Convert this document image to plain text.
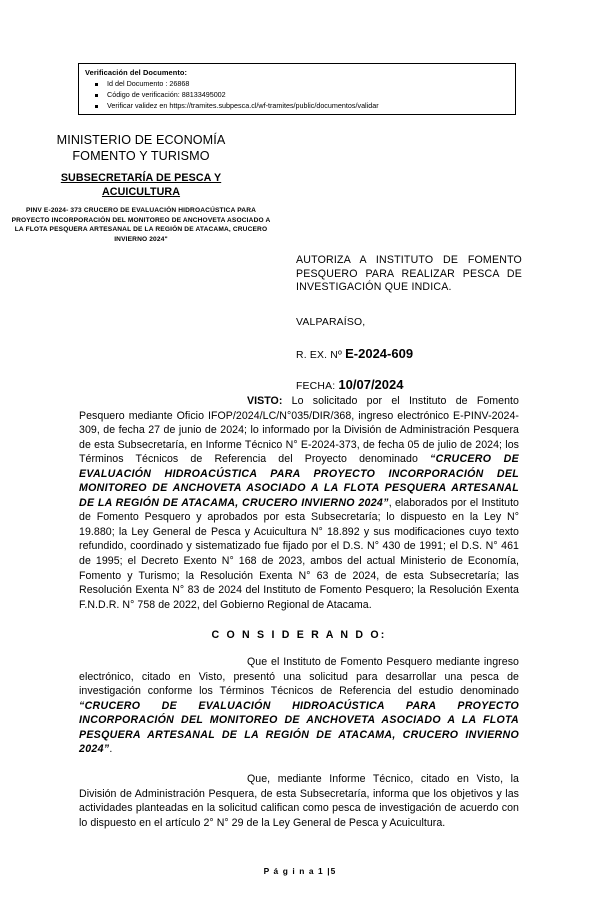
Verificación del Documento:
Id del Documento : 26868
Código de verificación: 88133495002
Verificar validez en https://tramites.subpesca.cl/wf-tramites/public/documentos/validar
MINISTERIO DE ECONOMÍA
FOMENTO Y TURISMO
SUBSECRETARÍA DE PESCA Y
ACUICULTURA
PINV E-2024- 373 CRUCERO DE EVALUACIÓN HIDROACÚSTICA PARA PROYECTO INCORPORACIÓN DEL MONITOREO DE ANCHOVETA ASOCIADO A LA FLOTA PESQUERA ARTESANAL DE LA REGIÓN DE ATACAMA, CRUCERO INVIERNO 2024"
AUTORIZA A INSTITUTO DE FOMENTO PESQUERO PARA REALIZAR PESCA DE INVESTIGACIÓN QUE INDICA.
VALPARAÍSO,
R. EX. Nº E-2024-609
FECHA: 10/07/2024

VISTO: Lo solicitado por el Instituto de Fomento Pesquero mediante Oficio IFOP/2024/LC/N°035/DIR/368, ingreso electrónico E-PINV-2024-309, de fecha 27 de junio de 2024; lo informado por la División de Administración Pesquera de esta Subsecretaría, en Informe Técnico N° E-2024-373, de fecha 05 de julio de 2024; los Términos Técnicos de Referencia del Proyecto denominado “CRUCERO DE EVALUACIÓN HIDROACÚSTICA PARA PROYECTO INCORPORACIÓN DEL MONITOREO DE ANCHOVETA ASOCIADO A LA FLOTA PESQUERA ARTESANAL DE LA REGIÓN DE ATACAMA, CRUCERO INVIERNO 2024”, elaborados por el Instituto de Fomento Pesquero y aprobados por esta Subsecretaría; lo dispuesto en la Ley N° 19.880; la Ley General de Pesca y Acuicultura N° 18.892 y sus modificaciones cuyo texto refundido, coordinado y sistematizado fue fijado por el D.S. N° 430 de 1991; el D.S. N° 461 de 1995; el Decreto Exento N° 168 de 2023, ambos del actual Ministerio de Economía, Fomento y Turismo; la Resolución Exenta N° 63 de 2024, de esta Subsecretaría; las Resolución Exenta N° 83 de 2024 del Instituto de Fomento Pesquero; la Resolución Exenta F.N.D.R. N° 758 de 2022, del Gobierno Regional de Atacama.

C O N S I D E R A N D O:

Que el Instituto de Fomento Pesquero mediante ingreso electrónico, citado en Visto, presentó una solicitud para desarrollar una pesca de investigación conforme los Términos Técnicos de Referencia del estudio denominado “CRUCERO DE EVALUACIÓN HIDROACÚSTICA PARA PROYECTO INCORPORACIÓN DEL MONITOREO DE ANCHOVETA ASOCIADO A LA FLOTA PESQUERA ARTESANAL DE LA REGIÓN DE ATACAMA, CRUCERO INVIERNO 2024”.

Que, mediante Informe Técnico, citado en Visto, la División de Administración Pesquera, de esta Subsecretaría, informa que los objetivos y las actividades planteadas en la solicitud califican como pesca de investigación de acuerdo con lo dispuesto en el artículo 2° N° 29 de la Ley General de Pesca y Acuicultura.

P á g i n a 1 |5
